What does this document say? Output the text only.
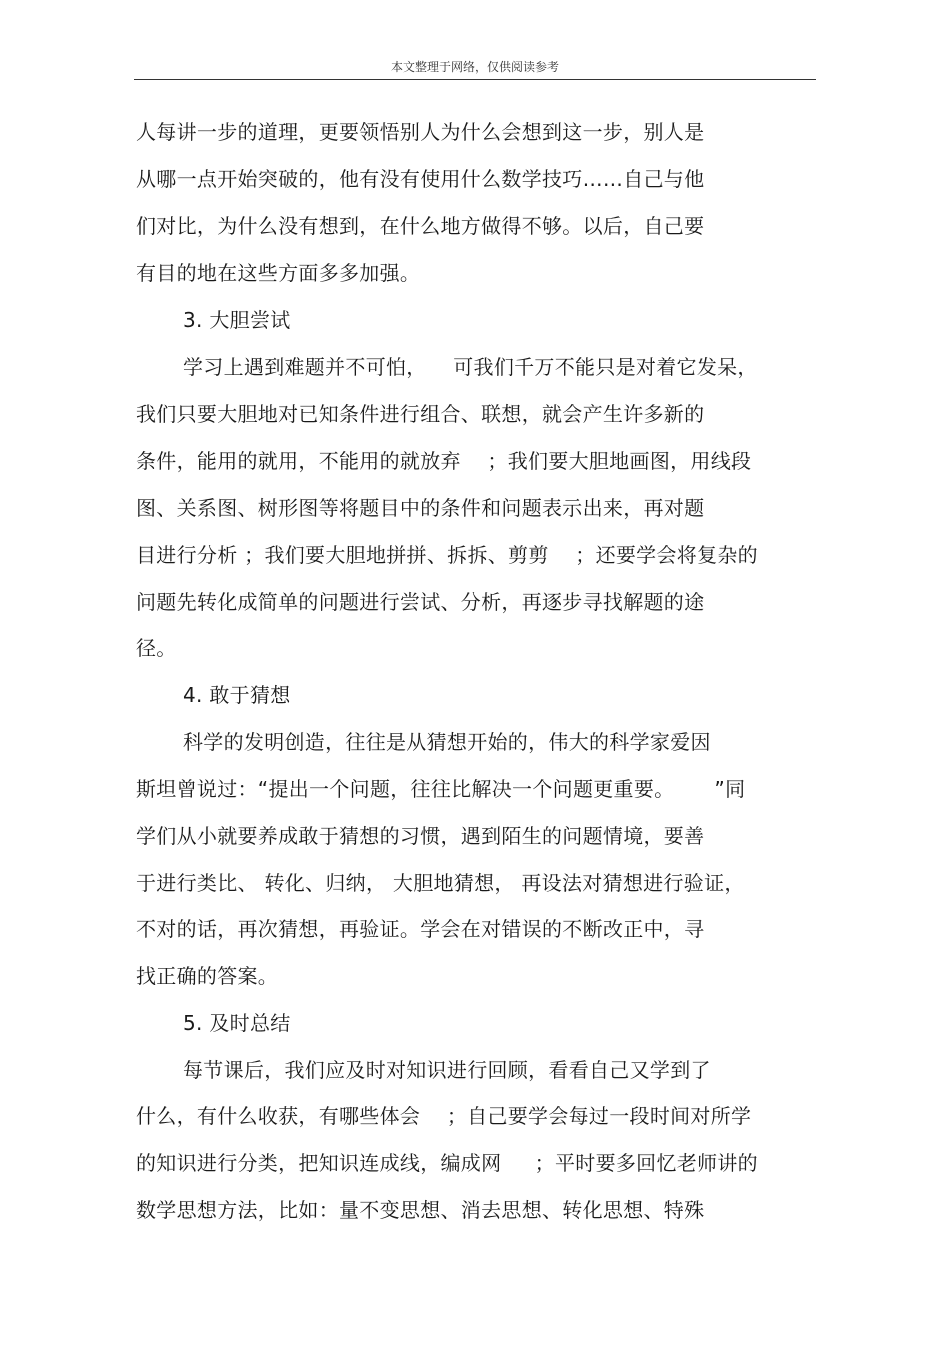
本文整理于网络，仅供阅读参考
人每讲一步的道理，更要领悟别人为什么会想到这一步，别人是
从哪一点开始突破的，他有没有使用什么数学技巧……自己与他
们对比，为什么没有想到，在什么地方做得不够。以后，自己要
有目的地在这些方面多多加强。
3. 大胆尝试
学习上遇到难题并不可怕，    可我们千万不能只是对着它发呆，
我们只要大胆地对已知条件进行组合、联想，就会产生许多新的
条件，能用的就用，不能用的就放弃    ；我们要大胆地画图，用线段
图、关系图、树形图等将题目中的条件和问题表示出来，再对题
目进行分析 ；我们要大胆地拼拼、拆拆、剪剪    ；还要学会将复杂的
问题先转化成简单的问题进行尝试、分析，再逐步寻找解题的途
径。
4. 敢于猜想
科学的发明创造，往往是从猜想开始的，伟大的科学家爱因
斯坦曾说过：“提出一个问题，往往比解决一个问题更重要。      ”同
学们从小就要养成敢于猜想的习惯，遇到陌生的问题情境，要善
于进行类比、 转化、归纳， 大胆地猜想， 再设法对猜想进行验证，
不对的话，再次猜想，再验证。学会在对错误的不断改正中，寻
找正确的答案。
5. 及时总结
每节课后，我们应及时对知识进行回顾，看看自己又学到了
什么，有什么收获，有哪些体会    ；自己要学会每过一段时间对所学
的知识进行分类，把知识连成线，编成网     ；平时要多回忆老师讲的
数学思想方法，比如：量不变思想、消去思想、转化思想、特殊
